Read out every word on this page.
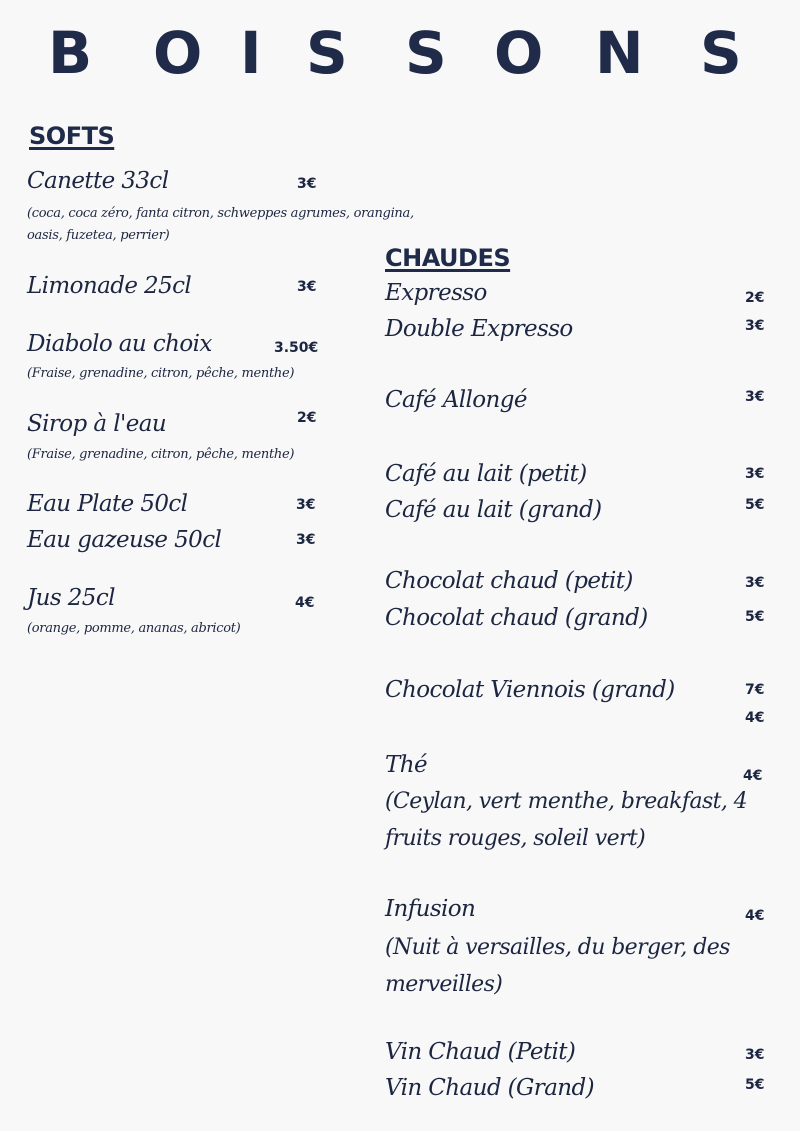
B O I S S O N S
SOFTS
Canette 33cl	3€
(coca, coca zéro, fanta citron, schweppes agrumes, orangina,
oasis, fuzetea, perrier)
Limonade 25cl	3€
Diabolo au choix	3.50€
(Fraise, grenadine, citron, pêche, menthe)
Sirop à l'eau	2€
(Fraise, grenadine, citron, pêche, menthe)
Eau Plate 50cl	3€
Eau gazeuse 50cl	3€
Jus 25cl	4€
(orange, pomme, ananas, abricot)
CHAUDES
Expresso	2€
Double Expresso	3€
Café Allongé	3€
Café au lait (petit)	3€
Café au lait (grand)	5€
Chocolat chaud (petit)	3€
Chocolat chaud (grand)	5€
Chocolat Viennois (grand)	7€
4€
Thé	4€
(Ceylan, vert menthe, breakfast, 4 fruits rouges, soleil vert)
Infusion	4€
(Nuit à versailles, du berger, des merveilles)
Vin Chaud (Petit)	3€
Vin Chaud (Grand)	5€
